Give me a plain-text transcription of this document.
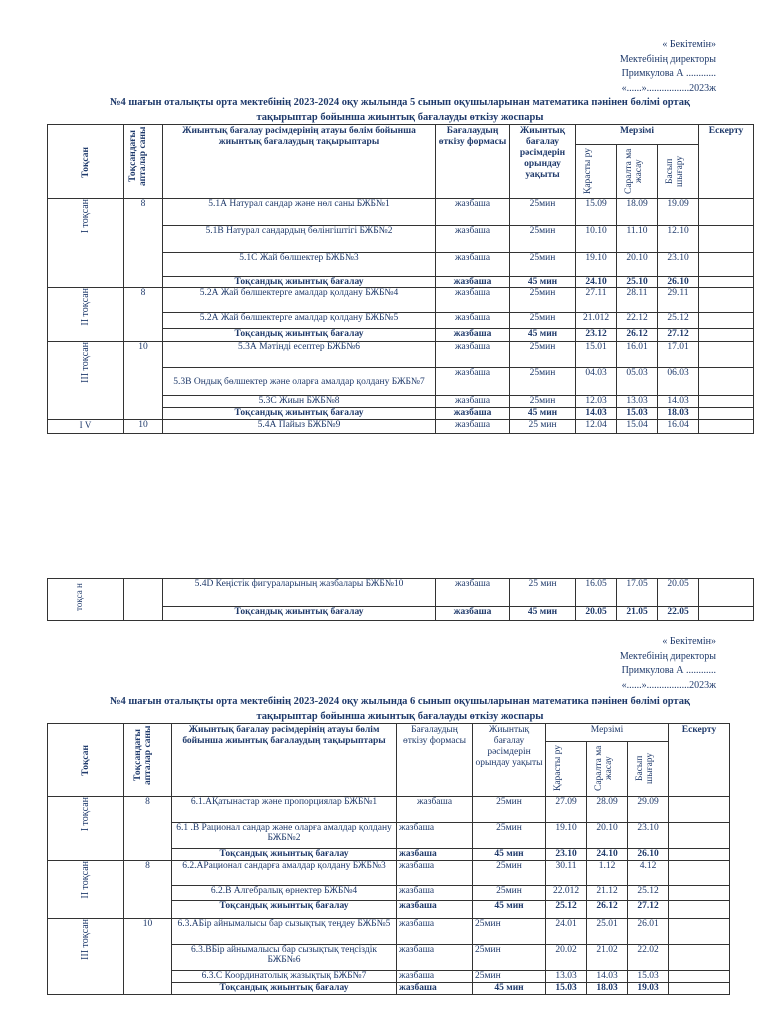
« Бекітемін»
Мектебінің директоры
Примкулова А ............
«......».................2023ж
№4 шағын оталықты орта мектебінің 2023-2024 оқу жылында 5 сынып оқушыларынан математика пәнінен бөлімі ортақ
тақырыптар бойынша жиынтық бағалауды өткізу жоспары
Тоқсан	Тоқсандағы апталар саны	Жиынтық бағалау рәсімдерінің атауы бөлім бойынша жиынтық бағалаудың тақырыптары	Бағалаудың өткізу формасы	Жиынтық бағалау рәсімдерін орындау уақыты	Мерзімі			Ескерту

					Қарасты ру	Саралта ма жасау	Басып шығару	

І тоқсан	8	5.1А Натурал сандар және нөл саны БЖБ№1	жазбаша	25мин	15.09	18.09	19.09	
		5.1В Натурал сандардың бөлінгіштігі БЖБ№2	жазбаша	25мин	10.10	11.10	12.10	
		5.1С Жай бөлшектер БЖБ№3	жазбаша	25мин	19.10	20.10	23.10	
		Тоқсандық жиынтық бағалау	жазбаша	45 мин	24.10	25.10	26.10	

ІІ тоқсан	8	5.2А Жай бөлшектерге амалдар қолдану БЖБ№4	жазбаша	25мин	27.11	28.11	29.11	
		5.2А Жай бөлшектерге амалдар қолдану БЖБ№5	жазбаша	25мин	21.012	22.12	25.12	
		Тоқсандық жиынтық бағалау	жазбаша	45 мин	23.12	26.12	27.12	

ІІІ тоқсан	10	5.3А Мәтінді есептер БЖБ№6	жазбаша	25мин	15.01	16.01	17.01	
		5.3В Ондық бөлшектер және оларға амалдар қолдану БЖБ№7	жазбаша	25мин	04.03	05.03	06.03	
		5.3С Жиын БЖБ№8	жазбаша	25мин	12.03	13.03	14.03	
		Тоқсандық жиынтық бағалау	жазбаша	45 мин	14.03	15.03	18.03	
І V	10	5.4А Пайыз БЖБ№9	жазбаша	25 мин	12.04	15.04	16.04	
тоқса н		5.4D Кеңістік фигураларының жазбалары БЖБ№10	жазбаша	25 мин	16.05	17.05	20.05	
		Тоқсандық жиынтық бағалау	жазбаша	45 мин	20.05	21.05	22.05	
« Бекітемін»
Мектебінің директоры
Примкулова А ............
«......».................2023ж
№4 шағын оталықты орта мектебінің 2023-2024 оқу жылында 6 сынып оқушыларынан математика пәнінен бөлімі ортақ
тақырыптар бойынша жиынтық бағалауды өткізу жоспары
Тоқсан	Тоқсандағы апталар саны	Жиынтық бағалау рәсімдерінің атауы бөлім бойынша жиынтық бағалаудың тақырыптары	Бағалаудың өткізу формасы	Жиынтық бағалау рәсімдерін орындау уақыты	Мерзімі			Ескерту

					Қарасты ру	Саралта ма жасау	Басып шығару	

І тоқсан	8	6.1.АҚатынастар және пропорциялар БЖБ№1	жазбаша	25мин	27.09	28.09	29.09	
		6.1 .В Рационал сандар және оларға амалдар қолдану БЖБ№2	жазбаша	25мин	19.10	20.10	23.10	
		Тоқсандық жиынтық бағалау	жазбаша	45 мин	23.10	24.10	26.10	

ІІ тоқсан	8	6.2.АРационал сандарға амалдар қолдану БЖБ№3	жазбаша	25мин	30.11	1.12	4.12	
		6.2.В Алгебралық өрнектер БЖБ№4	жазбаша	25мин	22.012	21.12	25.12	
		Тоқсандық жиынтық бағалау	жазбаша	45 мин	25.12	26.12	27.12	

ІІІ тоқсан	10	6.3.АБір айнымалысы бар сызықтық теңдеу БЖБ№5	жазбаша	25мин	24.01	25.01	26.01	
		6.3.ВБір айнымалысы бар сызықтық теңсіздік БЖБ№6	жазбаша	25мин	20.02	21.02	22.02	
		6.3.С Координатолық жазықтық БЖБ№7	жазбаша	25мин	13.03	14.03	15.03	
		Тоқсандық жиынтық бағалау	жазбаша	45 мин	15.03	18.03	19.03	
